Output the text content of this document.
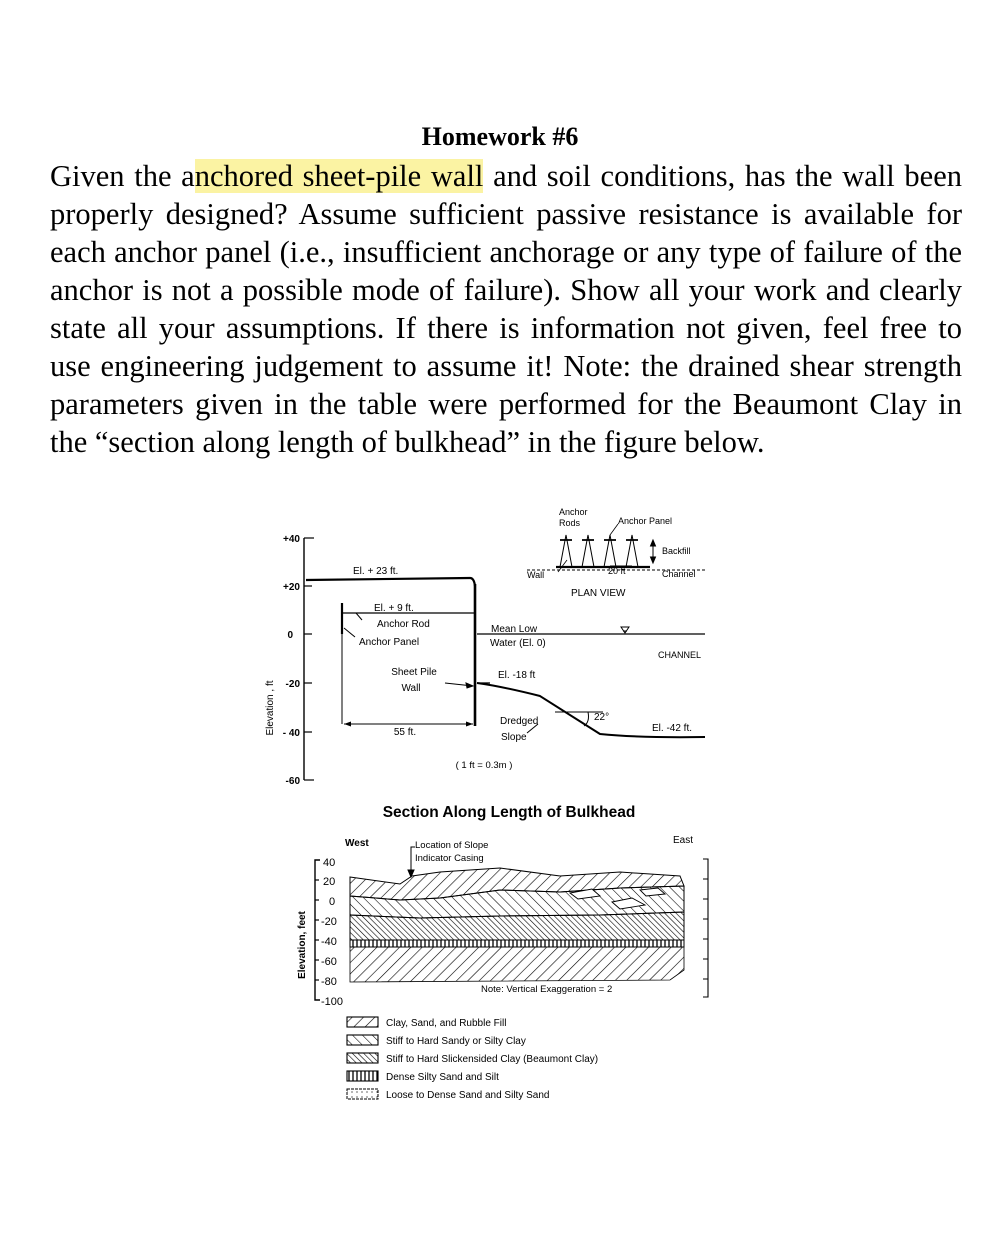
Homework #6
Given the anchored sheet-pile wall and soil conditions, has the wall been properly designed? Assume sufficient passive resistance is available for each anchor panel (i.e., insufficient anchorage or any type of failure of the anchor is not a possible mode of failure). Show all your work and clearly state all your assumptions. If there is information not given, feel free to use engineering judgement to assume it! Note: the drained shear strength parameters given in the table were performed for the Beaumont Clay in the “section along length of bulkhead” in the figure below.
Elevation , ft
+40
+20
0
-20
- 40
-60
El. + 23 ft.
El. + 9 ft.
Anchor Rod
Anchor Panel
Sheet Pile
Wall
55 ft.
Mean Low
Water (El. 0)
El. -18 ft
Dredged
Slope
22°
El. -42 ft.
CHANNEL
( 1 ft = 0.3m )
Anchor
Rods	Anchor Panel
Wall	20 ft
Backfill
Channel
PLAN VIEW
Section Along Length of Bulkhead
West	East
Location of Slope
Indicator Casing
Note: Vertical Exaggeration = 2
Elevation, feet
40
20
0
-20
-40
-60
-80
-100
Clay, Sand, and Rubble Fill
Stiff to Hard Sandy or Silty Clay
Stiff to Hard Slickensided Clay (Beaumont Clay)
Dense Silty Sand and Silt
Loose to Dense Sand and Silty Sand
